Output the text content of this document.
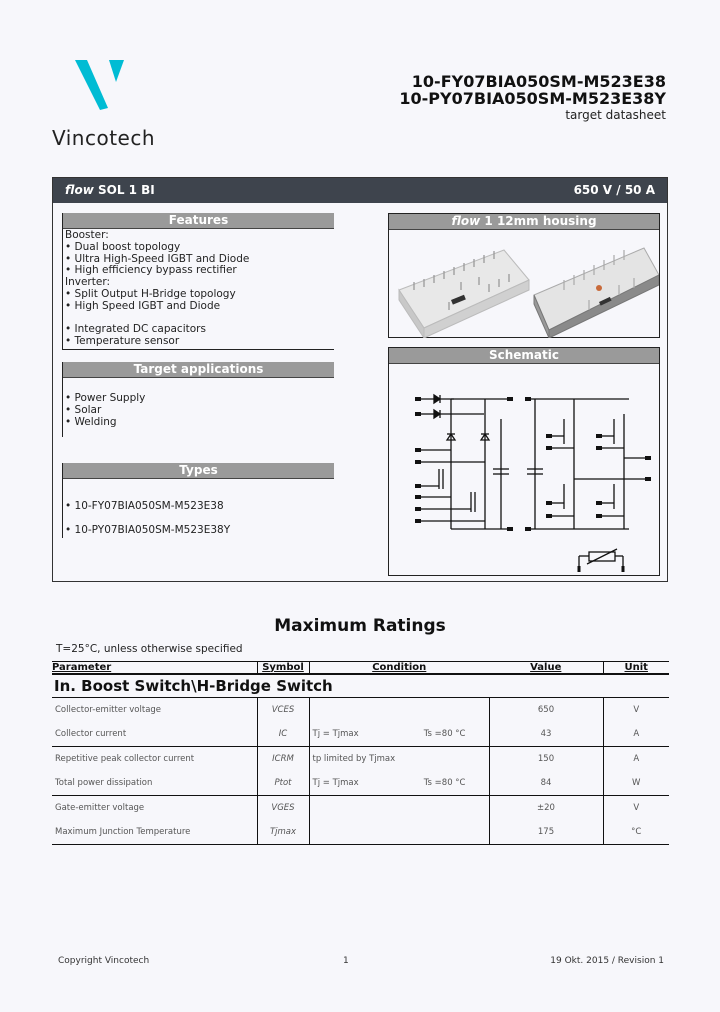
Vincotech
10-FY07BIA050SM-M523E38
10-PY07BIA050SM-M523E38Y
target datasheet
flow SOL 1 BI	650 V / 50 A
Features
Booster:
• Dual boost topology
• Ultra High-Speed IGBT and Diode
• High efficiency bypass rectifier
Inverter:
• Split Output H-Bridge topology
• High Speed IGBT and Diode
• Integrated DC capacitors
• Temperature sensor
Target applications
• Power Supply
• Solar
• Welding
Types
• 10-FY07BIA050SM-M523E38
• 10-PY07BIA050SM-M523E38Y
flow 1 12mm housing
Schematic
Maximum Ratings
T=25°C, unless otherwise specified
Parameter	Symbol	Condition	Value	Unit
In. Boost Switch\H-Bridge Switch				
Collector-emitter voltage	VCES		650	V
Collector current	IC	Tj = Tjmax Ts =80 °C	43	A
Repetitive peak collector current	ICRM	tp limited by Tjmax	150	A
Total power dissipation	Ptot	Tj = Tjmax Ts =80 °C	84	W
Gate-emitter voltage	VGES		±20	V
Maximum Junction Temperature	Tjmax		175	°C
Copyright Vincotech	1	19 Okt. 2015 / Revision 1
